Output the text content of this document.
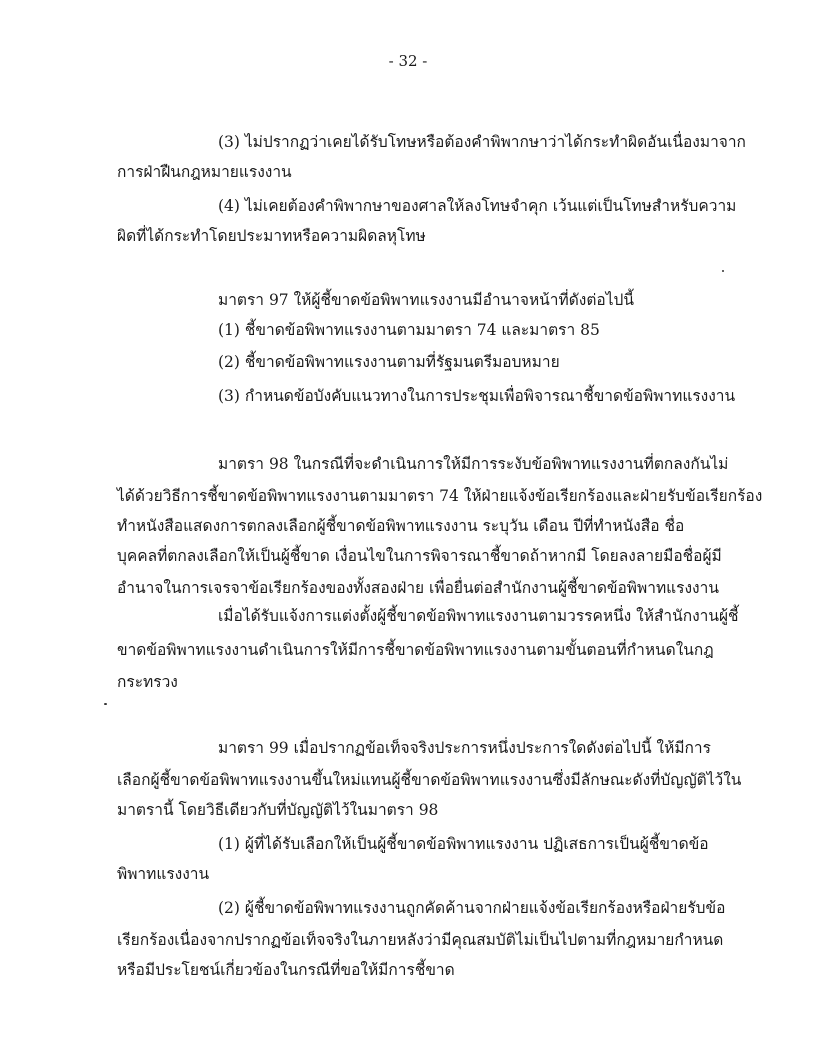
- 32 -
(3) ไม่ปรากฏว่าเคยได้รับโทษหรือต้องคำพิพากษาว่าได้กระทำผิดอันเนื่องมาจาก
การฝ่าฝืนกฎหมายแรงงาน
(4) ไม่เคยต้องคำพิพากษาของศาลให้ลงโทษจำคุก เว้นแต่เป็นโทษสำหรับความ
ผิดที่ได้กระทำโดยประมาทหรือความผิดลหุโทษ
มาตรา 97 ให้ผู้ชี้ขาดข้อพิพาทแรงงานมีอำนาจหน้าที่ดังต่อไปนี้
(1) ชี้ขาดข้อพิพาทแรงงานตามมาตรา 74 และมาตรา 85
(2) ชี้ขาดข้อพิพาทแรงงานตามที่รัฐมนตรีมอบหมาย
(3) กำหนดข้อบังคับแนวทางในการประชุมเพื่อพิจารณาชี้ขาดข้อพิพาทแรงงาน
มาตรา 98 ในกรณีที่จะดำเนินการให้มีการระงับข้อพิพาทแรงงานที่ตกลงกันไม่
ได้ด้วยวิธีการชี้ขาดข้อพิพาทแรงงานตามมาตรา 74 ให้ฝ่ายแจ้งข้อเรียกร้องและฝ่ายรับข้อเรียกร้อง
ทำหนังสือแสดงการตกลงเลือกผู้ชี้ขาดข้อพิพาทแรงงาน ระบุวัน เดือน ปีที่ทำหนังสือ ชื่อ
บุคคลที่ตกลงเลือกให้เป็นผู้ชี้ขาด เงื่อนไขในการพิจารณาชี้ขาดถ้าหากมี โดยลงลายมือชื่อผู้มี
อำนาจในการเจรจาข้อเรียกร้องของทั้งสองฝ่าย เพื่อยื่นต่อสำนักงานผู้ชี้ขาดข้อพิพาทแรงงาน
เมื่อได้รับแจ้งการแต่งตั้งผู้ชี้ขาดข้อพิพาทแรงงานตามวรรคหนึ่ง ให้สำนักงานผู้ชี้
ขาดข้อพิพาทแรงงานดำเนินการให้มีการชี้ขาดข้อพิพาทแรงงานตามขั้นตอนที่กำหนดในกฎ
กระทรวง
มาตรา 99 เมื่อปรากฏข้อเท็จจริงประการหนึ่งประการใดดังต่อไปนี้ ให้มีการ
เลือกผู้ชี้ขาดข้อพิพาทแรงงานขึ้นใหม่แทนผู้ชี้ขาดข้อพิพาทแรงงานซึ่งมีลักษณะดังที่บัญญัติไว้ใน
มาตรานี้ โดยวิธีเดียวกับที่บัญญัติไว้ในมาตรา 98
(1) ผู้ที่ได้รับเลือกให้เป็นผู้ชี้ขาดข้อพิพาทแรงงาน ปฏิเสธการเป็นผู้ชี้ขาดข้อ
พิพาทแรงงาน
(2) ผู้ชี้ขาดข้อพิพาทแรงงานถูกคัดค้านจากฝ่ายแจ้งข้อเรียกร้องหรือฝ่ายรับข้อ
เรียกร้องเนื่องจากปรากฏข้อเท็จจริงในภายหลังว่ามีคุณสมบัติไม่เป็นไปตามที่กฎหมายกำหนด
หรือมีประโยชน์เกี่ยวข้องในกรณีที่ขอให้มีการชี้ขาด
